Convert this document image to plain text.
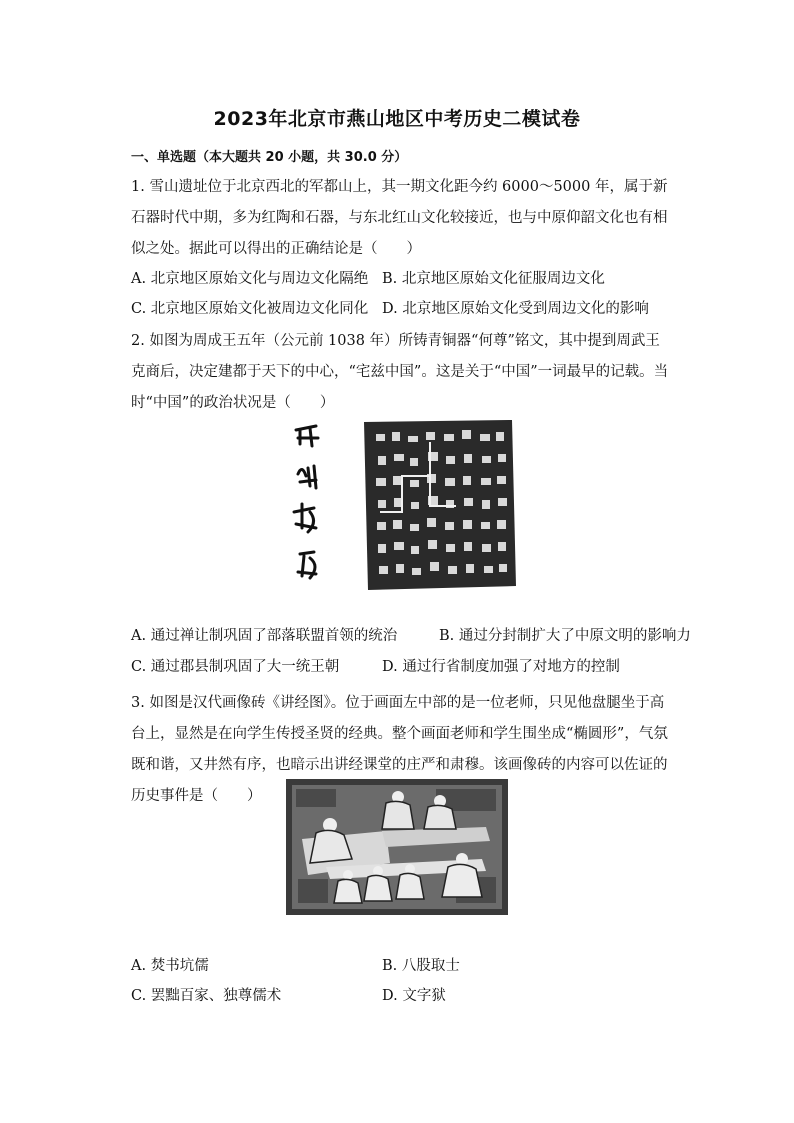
2023年北京市燕山地区中考历史二模试卷
一、单选题（本大题共 20 小题，共 30.0 分）
1. 雪山遗址位于北京西北的军都山上，其一期文化距今约 6000～5000 年，属于新石器时代中期，多为红陶和石器，与东北红山文化较接近，也与中原仰韶文化也有相似之处。据此可以得出的正确结论是（　　）
A. 北京地区原始文化与周边文化隔绝 B. 北京地区原始文化征服周边文化
C. 北京地区原始文化被周边文化同化 D. 北京地区原始文化受到周边文化的影响
2. 如图为周成王五年（公元前 1038 年）所铸青铜器“何尊”铭文，其中提到周武王克商后，决定建都于天下的中心，“宅兹中国”。这是关于“中国”一词最早的记载。当时“中国”的政治状况是（　　）
A. 通过禅让制巩固了部落联盟首领的统治	B. 通过分封制扩大了中原文明的影响力
C. 通过郡县制巩固了大一统王朝	D. 通过行省制度加强了对地方的控制
3. 如图是汉代画像砖《讲经图》。位于画面左中部的是一位老师，只见他盘腿坐于高台上，显然是在向学生传授圣贤的经典。整个画面老师和学生围坐成“椭圆形”，气氛既和谐，又井然有序，也暗示出讲经课堂的庄严和肃穆。该画像砖的内容可以佐证的历史事件是（　　）
A. 焚书坑儒	B. 八股取士
C. 罢黜百家、独尊儒术	D. 文字狱
